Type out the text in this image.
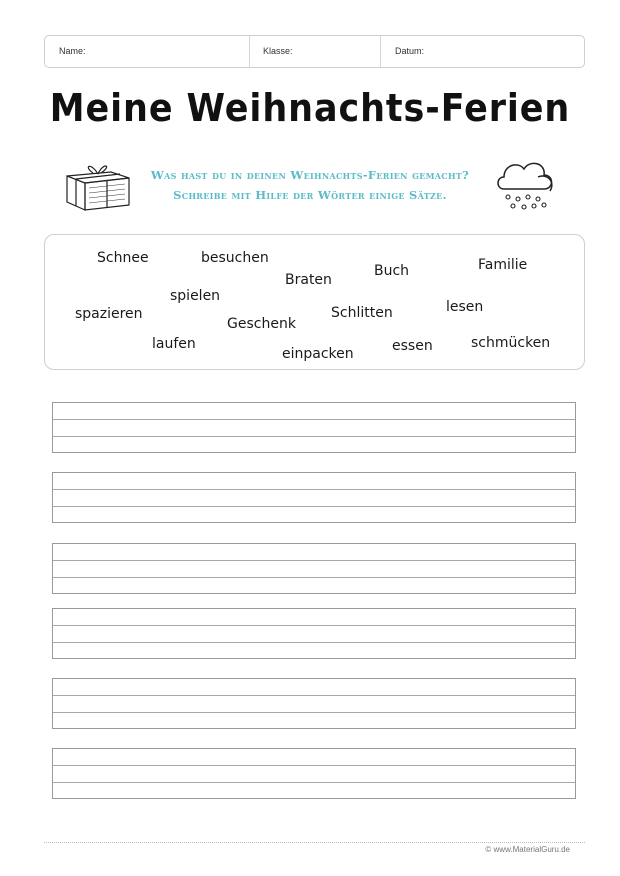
Name:	Klasse:	Datum:
Meine Weihnachts-Ferien
Was hast du in deinen Weihnachts-Ferien gemacht?
Schreibe mit Hilfe der Wörter einige Sätze.
Schnee	besuchen
Braten
Buch	Familie
spielen
spazieren
Geschenk
Schlitten	lesen
laufen
einpacken	essen	schmücken
© www.MaterialGuru.de
